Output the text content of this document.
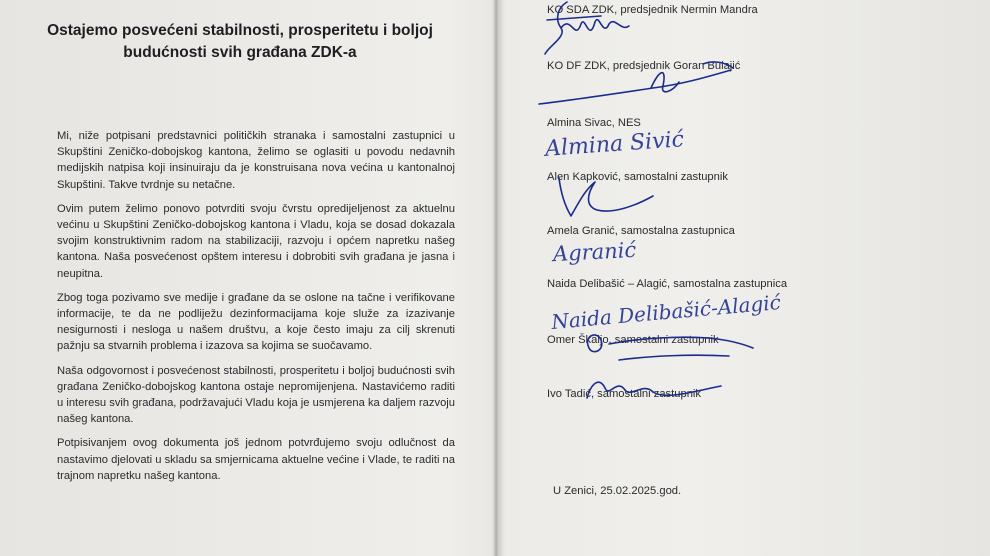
Ostajemo posvećeni stabilnosti, prosperitetu i boljoj budućnosti svih građana ZDK-a

Mi, niže potpisani predstavnici političkih stranaka i samostalni zastupnici u Skupštini Zeničko-dobojskog kantona, želimo se oglasiti u povodu nedavnih medijskih natpisa koji insinuiraju da je konstruisana nova većina u kantonalnoj Skupštini. Takve tvrdnje su netačne.

Ovim putem želimo ponovo potvrditi svoju čvrstu opredijeljenost za aktuelnu većinu u Skupštini Zeničko-dobojskog kantona i Vladu, koja se dosad dokazala svojim konstruktivnim radom na stabilizaciji, razvoju i općem napretku našeg kantona. Naša posvećenost opštem interesu i dobrobiti svih građana je jasna i neupitna.

Zbog toga pozivamo sve medije i građane da se oslone na tačne i verifikovane informacije, te da ne podliježu dezinformacijama koje služe za izazivanje nesigurnosti i nesloga u našem društvu, a koje često imaju za cilj skrenuti pažnju sa stvarnih problema i izazova sa kojima se suočavamo.

Naša odgovornost i posvećenost stabilnosti, prosperitetu i boljoj budućnosti svih građana Zeničko-dobojskog kantona ostaje nepromijenjena. Nastavićemo raditi u interesu svih građana, podržavajući Vladu koja je usmjerena ka daljem razvoju našeg kantona.

Potpisivanjem ovog dokumenta još jednom potvrđujemo svoju odlučnost da nastavimo djelovati u skladu sa smjernicama aktuelne većine i Vlade, te raditi na trajnom napretku našeg kantona.

KO SDA ZDK, predsjednik Nermin Mandra
KO DF ZDK, predsjednik Goran Bulajić
Almina Sivac, NES
Almina Sivić
Alen Kapković, samostalni zastupnik
Amela Granić, samostalna zastupnica
Agranić
Naida Delibašić – Alagić, samostalna zastupnica
Naida Delibašić-Alagić
Omer Škaljo, samostalni zastupnik
Ivo Tadić, samostalni zastupnik
U Zenici, 25.02.2025.god.
